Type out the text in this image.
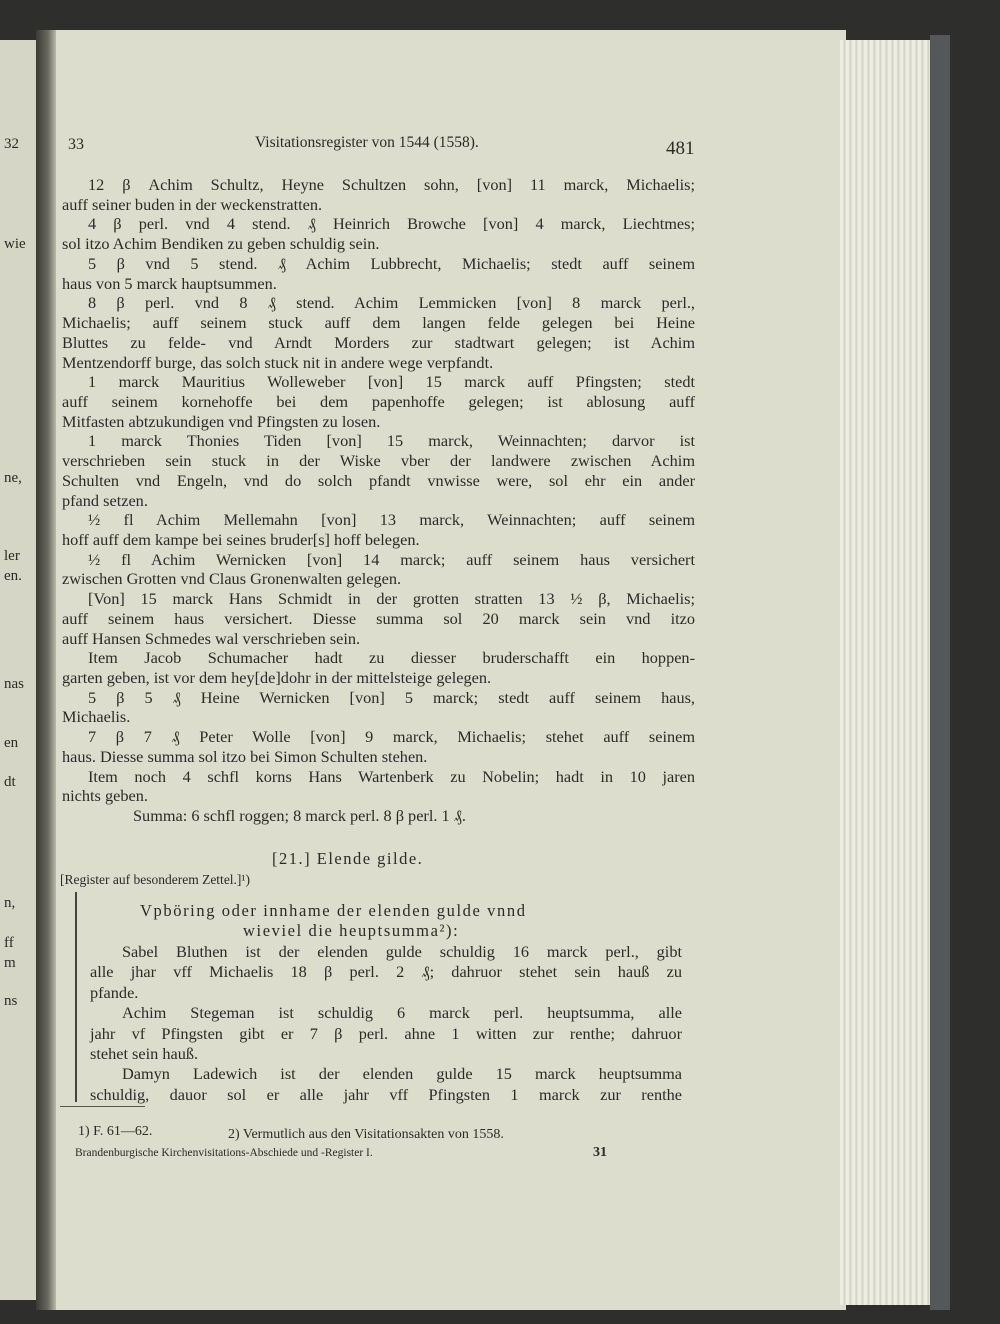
32
wie
ne,
ler
en.
nas
en
dt
n,
ff
m
ns
33	Visitationsregister von 1544 (1558).	481
12 β Achim Schultz, Heyne Schultzen sohn, [von] 11 marck, Michaelis;
auff seiner buden in der weckenstratten.
4 β perl. vnd 4 stend. ₰ Heinrich Browche [von] 4 marck, Liechtmes;
sol itzo Achim Bendiken zu geben schuldig sein.
5 β vnd 5 stend. ₰ Achim Lubbrecht, Michaelis; stedt auff seinem
haus von 5 marck hauptsummen.
8 β perl. vnd 8 ₰ stend. Achim Lemmicken [von] 8 marck perl.,
Michaelis; auff seinem stuck auff dem langen felde gelegen bei Heine
Bluttes zu felde- vnd Arndt Morders zur stadtwart gelegen; ist Achim
Mentzendorff burge, das solch stuck nit in andere wege verpfandt.
1 marck Mauritius Wolleweber [von] 15 marck auff Pfingsten; stedt
auff seinem kornehoffe bei dem papenhoffe gelegen; ist ablosung auff
Mitfasten abtzukundigen vnd Pfingsten zu losen.
1 marck Thonies Tiden [von] 15 marck, Weinnachten; darvor ist
verschrieben sein stuck in der Wiske vber der landwere zwischen Achim
Schulten vnd Engeln, vnd do solch pfandt vnwisse were, sol ehr ein ander
pfand setzen.
½ fl Achim Mellemahn [von] 13 marck, Weinnachten; auff seinem
hoff auff dem kampe bei seines bruder[s] hoff belegen.
½ fl Achim Wernicken [von] 14 marck; auff seinem haus versichert
zwischen Grotten vnd Claus Gronenwalten gelegen.
[Von] 15 marck Hans Schmidt in der grotten stratten 13 ½ β, Michaelis;
auff seinem haus versichert. Diesse summa sol 20 marck sein vnd itzo
auff Hansen Schmedes wal verschrieben sein.
Item Jacob Schumacher hadt zu diesser bruderschafft ein hoppen-
garten geben, ist vor dem hey[de]dohr in der mittelsteige gelegen.
5 β 5 ₰ Heine Wernicken [von] 5 marck; stedt auff seinem haus,
Michaelis.
7 β 7 ₰ Peter Wolle [von] 9 marck, Michaelis; stehet auff seinem
haus. Diesse summa sol itzo bei Simon Schulten stehen.
Item noch 4 schfl korns Hans Wartenberk zu Nobelin; hadt in 10 jaren
nichts geben.
Summa: 6 schfl roggen; 8 marck perl. 8 β perl. 1 ₰.
[21.] Elende gilde.
[Register auf besonderem Zettel.]¹)
Vpböring oder innhame der elenden gulde vnnd
wieviel die heuptsumma²):
Sabel Bluthen ist der elenden gulde schuldig 16 marck perl., gibt
alle jhar vff Michaelis 18 β perl. 2 ₰; dahruor stehet sein hauß zu
pfande.
Achim Stegeman ist schuldig 6 marck perl. heuptsumma, alle
jahr vf Pfingsten gibt er 7 β perl. ahne 1 witten zur renthe; dahruor
stehet sein hauß.
Damyn Ladewich ist der elenden gulde 15 marck heuptsumma
schuldig, dauor sol er alle jahr vff Pfingsten 1 marck zur renthe
1) F. 61—62.	2) Vermutlich aus den Visitationsakten von 1558.
Brandenburgische Kirchenvisitations-Abschiede und -Register I.	31
